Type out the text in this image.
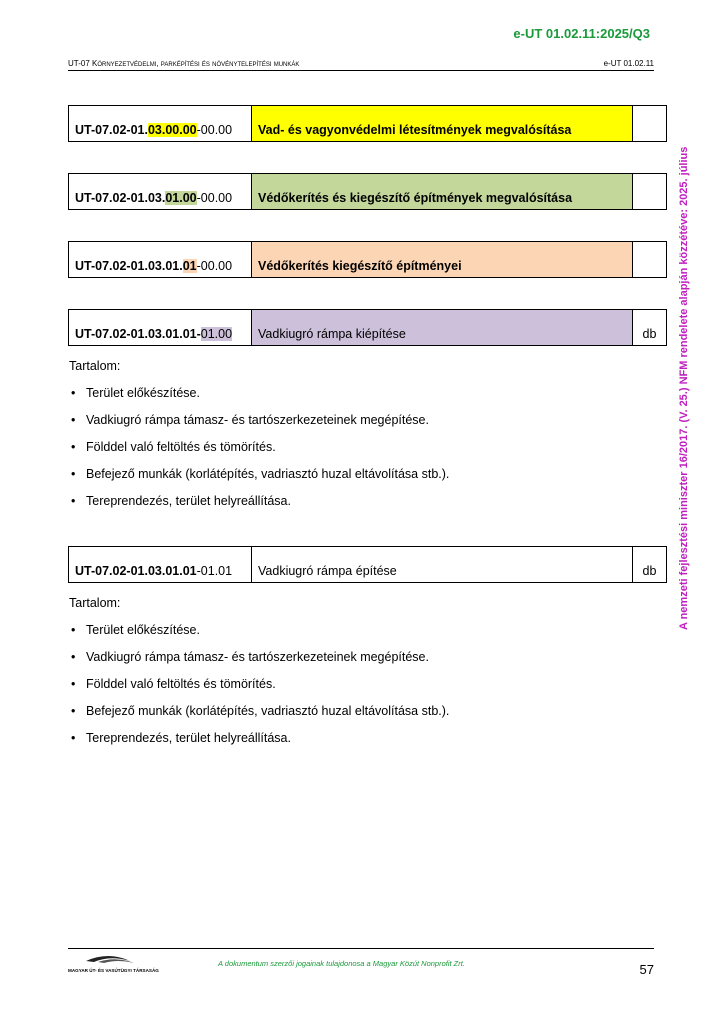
e-UT 01.02.11:2025/Q3
UT-07 Környezetvédelmi, parképítési és növénytelepítési munkák	e-UT 01.02.11
A nemzeti fejlesztési miniszter 16/2017. (V. 25.) NFM rendelete alapján közzétéve: 2025. július
UT-07.02-01.03.00.00-00.00	Vad- és vagyonvédelmi létesítmények megvalósítása	
UT-07.02-01.03.01.00-00.00	Védőkerítés és kiegészítő építmények megvalósítása	
UT-07.02-01.03.01.01-00.00	Védőkerítés kiegészítő építményei	
UT-07.02-01.03.01.01-01.00	Vadkiugró rámpa kiépítése	db
Tartalom:
• Terület előkészítése.
• Vadkiugró rámpa támasz- és tartószerkezeteinek megépítése.
• Földdel való feltöltés és tömörítés.
• Befejező munkák (korlátépítés, vadriasztó huzal eltávolítása stb.).
• Tereprendezés, terület helyreállítása.
UT-07.02-01.03.01.01-01.01	Vadkiugró rámpa építése	db
Tartalom:
• Terület előkészítése.
• Vadkiugró rámpa támasz- és tartószerkezeteinek megépítése.
• Földdel való feltöltés és tömörítés.
• Befejező munkák (korlátépítés, vadriasztó huzal eltávolítása stb.).
• Tereprendezés, terület helyreállítása.
MAGYAR ÚT- ÉS VASÚTÜGYI TÁRSASÁG
A dokumentum szerzői jogainak tulajdonosa a Magyar Közút Nonprofit Zrt.	57
